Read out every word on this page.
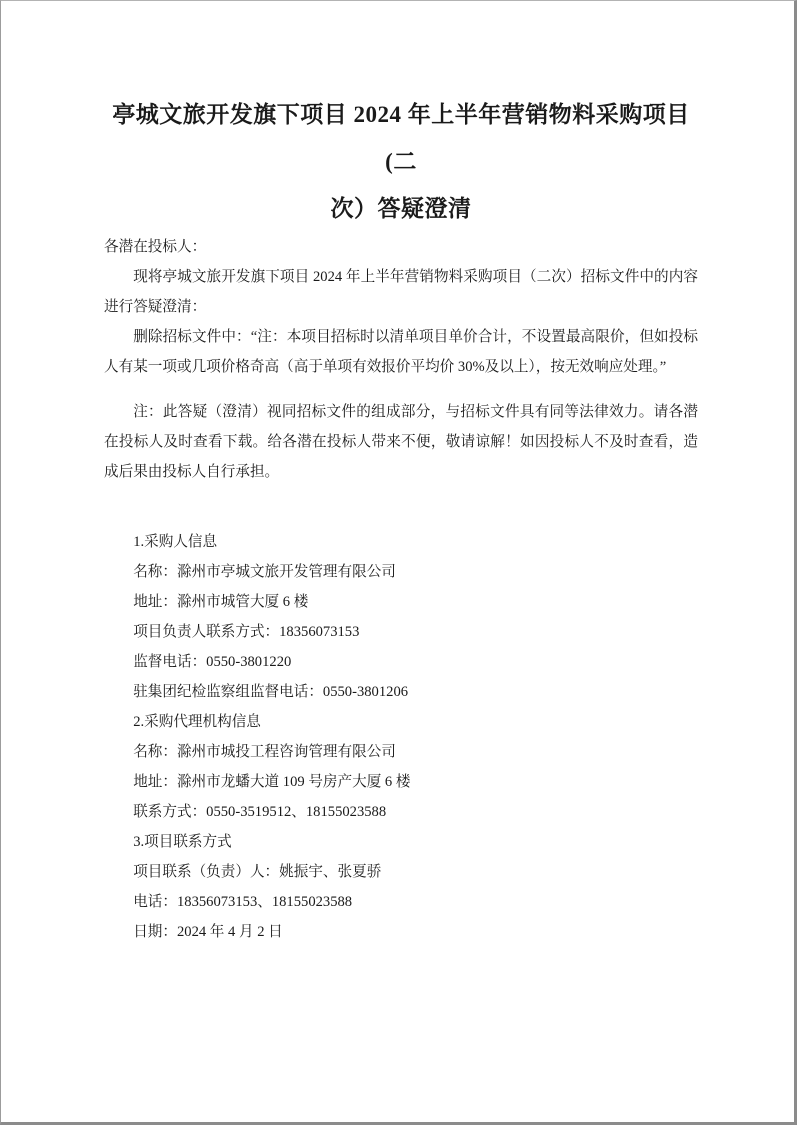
亭城文旅开发旗下项目 2024 年上半年营销物料采购项目(二
次）答疑澄清

各潜在投标人：

现将亭城文旅开发旗下项目 2024 年上半年营销物料采购项目（二次）招标文件中的内容进行答疑澄清：

删除招标文件中：“注：本项目招标时以清单项目单价合计，不设置最高限价，但如投标人有某一项或几项价格奇高（高于单项有效报价平均价 30%及以上），按无效响应处理。”

注：此答疑（澄清）视同招标文件的组成部分，与招标文件具有同等法律效力。请各潜在投标人及时查看下载。给各潜在投标人带来不便，敬请谅解！如因投标人不及时查看，造成后果由投标人自行承担。

1.采购人信息

名称：滁州市亭城文旅开发管理有限公司

地址：滁州市城管大厦 6 楼

项目负责人联系方式：18356073153

监督电话：0550-3801220

驻集团纪检监察组监督电话：0550-3801206

2.采购代理机构信息

名称：滁州市城投工程咨询管理有限公司

地址：滁州市龙蟠大道 109 号房产大厦 6 楼

联系方式：0550-3519512、18155023588

3.项目联系方式

项目联系（负责）人：姚振宇、张夏骄

电话：18356073153、18155023588

日期：2024 年 4 月 2 日
